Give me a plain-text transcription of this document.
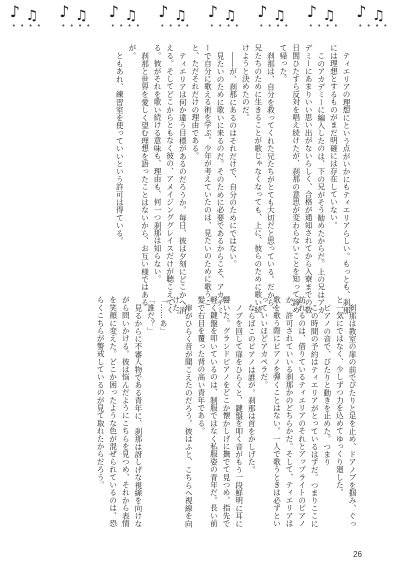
♪ ♫
• • • •
♪ ♫
• • • •
♪ ♫
• • • •
♪ ♫
• • • •
♪ ♫
• • • •
♪ ♫
• • • •
♪ ♫
• • • •
♪ ♫
• • • •

ティエリアの理想にという点がいかにもティエリアらしい。もっとも、刹那には理想とするものがまだ明確には存在していない。

このアカデミーに編入したのは、下の兄がそう勧めたからだ。上の兄はアカデミーにあまりいい思い出がないらしく、合格が通知されてから入寮までの数日間ひたすら反対を唱え続けたが、刹那の意思が変わらないことを知って諦めて帰った。

刹那は、自分を救ってくれた兄たちがとても大切だと思っている。だから、兄たちのために生きることが歌じゃなくなっても、上に、彼らのために歌い続けようと決めたのだ。

――が、刹那にあるのはそれだけで、自分のためにではない。

見たいのために歌いに来るのだ。そのために必要であるからこそ、アカデミーで自分に歌える術を学ぶ。少年が考えていたのは、見たいのために歌うこと、ただそれだけの理由である。

ティエリアは何か違う目標があるのだろうか。毎日、彼は夕刻にどこかへ消える。そしてどこからともなく彼の、アメイジンググレイスだけが聴こえてくる。彼がそれを歌い続ける意味も、理由も、何一つ刹那は知らない。

刹那と世界を愛しく望む理想を語ったことはないから、お互い様ではあるが。

ともあれ、練習室を使っていいという許可は得ている。

刹那は教室の扉の前でぴたりと足を止め、ドアノブを掴み、ぐっと一気にではなく、少しずつ力を込めてゆっくり廻した。

ピアノの音で、ぴたりと動きを止めた。つまり

この時間の予約はティエリアがとっているはずだ。つまりここに訪れるのは、借りているティエリアのそれとアップライトのピアノか、許可されていいる刹那かのどちらかだ。そして、ティエリアは歌を歌う際にピアノを弾くことはない。一人で歌うときは必ずといっていいほどアカペラだ。

ならばこのピアノは誰が。刹那は首をかしげた。

ノブを回して扉をひらくと、鍵盤を叩く音がもう一段鮮明に耳に響いた。グランドピアノをどこか懐かしげに撫でて見つめ、指先で軽く鍵盤を叩いているのは、制服ではなく私服姿の青年だ。長い前髪で右目を覆った背の高い青年である。

扉がひらく音が聞こえたのだろう。彼はふと、こちらへ視線を向けた。

「……あ」

「誰だ？」

見るからに不審人物である青年に、刹那は訝しげな視線を向けながら問いかける。彼は悩んだようにこちらを見つめ、それから表情を笑顔に変えた。どこか困ったような色が混ぜられているのは、恐らくこちらが警戒しているのが見て取れたからだろう。

26
